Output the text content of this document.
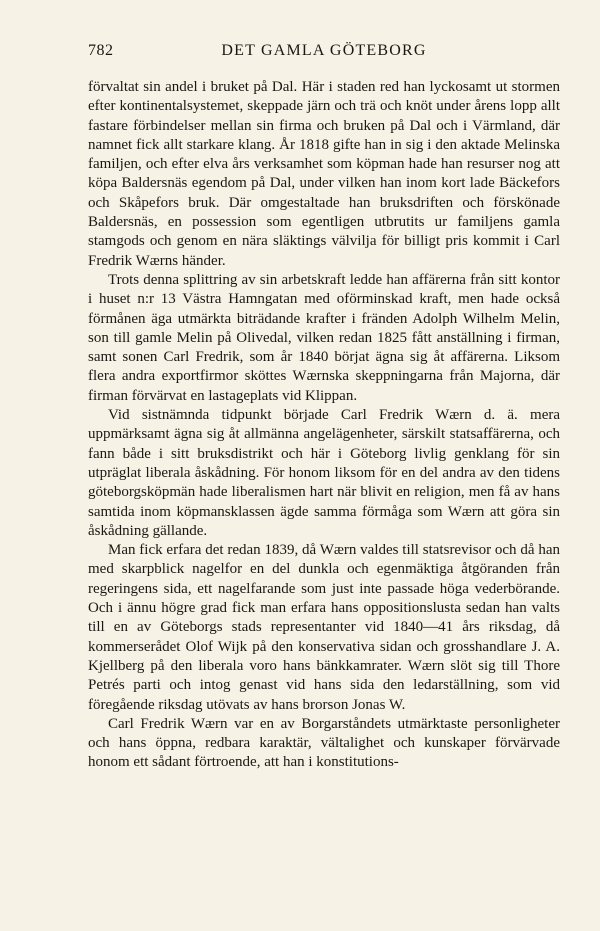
782	DET GAMLA GÖTEBORG

förvaltat sin andel i bruket på Dal. Här i staden red han lyckosamt ut stormen efter kontinentalsystemet, skeppade järn och trä och knöt under årens lopp allt fastare förbindelser mellan sin firma och bruken på Dal och i Värmland, där namnet fick allt starkare klang. År 1818 gifte han in sig i den aktade Melinska familjen, och efter elva års verksamhet som köpman hade han resurser nog att köpa Baldersnäs egendom på Dal, under vilken han inom kort lade Bäckefors och Skåpefors bruk. Där omgestaltade han bruksdriften och förskönade Baldersnäs, en possession som egentligen utbrutits ur familjens gamla stamgods och genom en nära släktings välvilja för billigt pris kommit i Carl Fredrik Wærns händer.

Trots denna splittring av sin arbetskraft ledde han affärerna från sitt kontor i huset n:r 13 Västra Hamngatan med oförminskad kraft, men hade också förmånen äga utmärkta biträdande krafter i fränden Adolph Wilhelm Melin, son till gamle Melin på Olivedal, vilken redan 1825 fått anställning i firman, samt sonen Carl Fredrik, som år 1840 börjat ägna sig åt affärerna. Liksom flera andra exportfirmor sköttes Wærnska skeppningarna från Majorna, där firman förvärvat en lastageplats vid Klippan.

Vid sistnämnda tidpunkt började Carl Fredrik Wærn d. ä. mera uppmärksamt ägna sig åt allmänna angelägenheter, särskilt statsaffärerna, och fann både i sitt bruksdistrikt och här i Göteborg livlig genklang för sin utpräglat liberala åskådning. För honom liksom för en del andra av den tidens göteborgsköpmän hade liberalismen hart när blivit en religion, men få av hans samtida inom köpmansklassen ägde samma förmåga som Wærn att göra sin åskådning gällande.

Man fick erfara det redan 1839, då Wærn valdes till statsrevisor och då han med skarpblick nagelfor en del dunkla och egenmäktiga åtgöranden från regeringens sida, ett nagelfarande som just inte passade höga vederbörande. Och i ännu högre grad fick man erfara hans oppositionslusta sedan han valts till en av Göteborgs stads representanter vid 1840—41 års riksdag, då kommerserådet Olof Wijk på den konservativa sidan och grosshandlare J. A. Kjellberg på den liberala voro hans bänkkamrater. Wærn slöt sig till Thore Petrés parti och intog genast vid hans sida den ledarställning, som vid föregående riksdag utövats av hans brorson Jonas W.

Carl Fredrik Wærn var en av Borgarståndets utmärktaste personligheter och hans öppna, redbara karaktär, vältalighet och kunskaper förvärvade honom ett sådant förtroende, att han i konstitutions-
